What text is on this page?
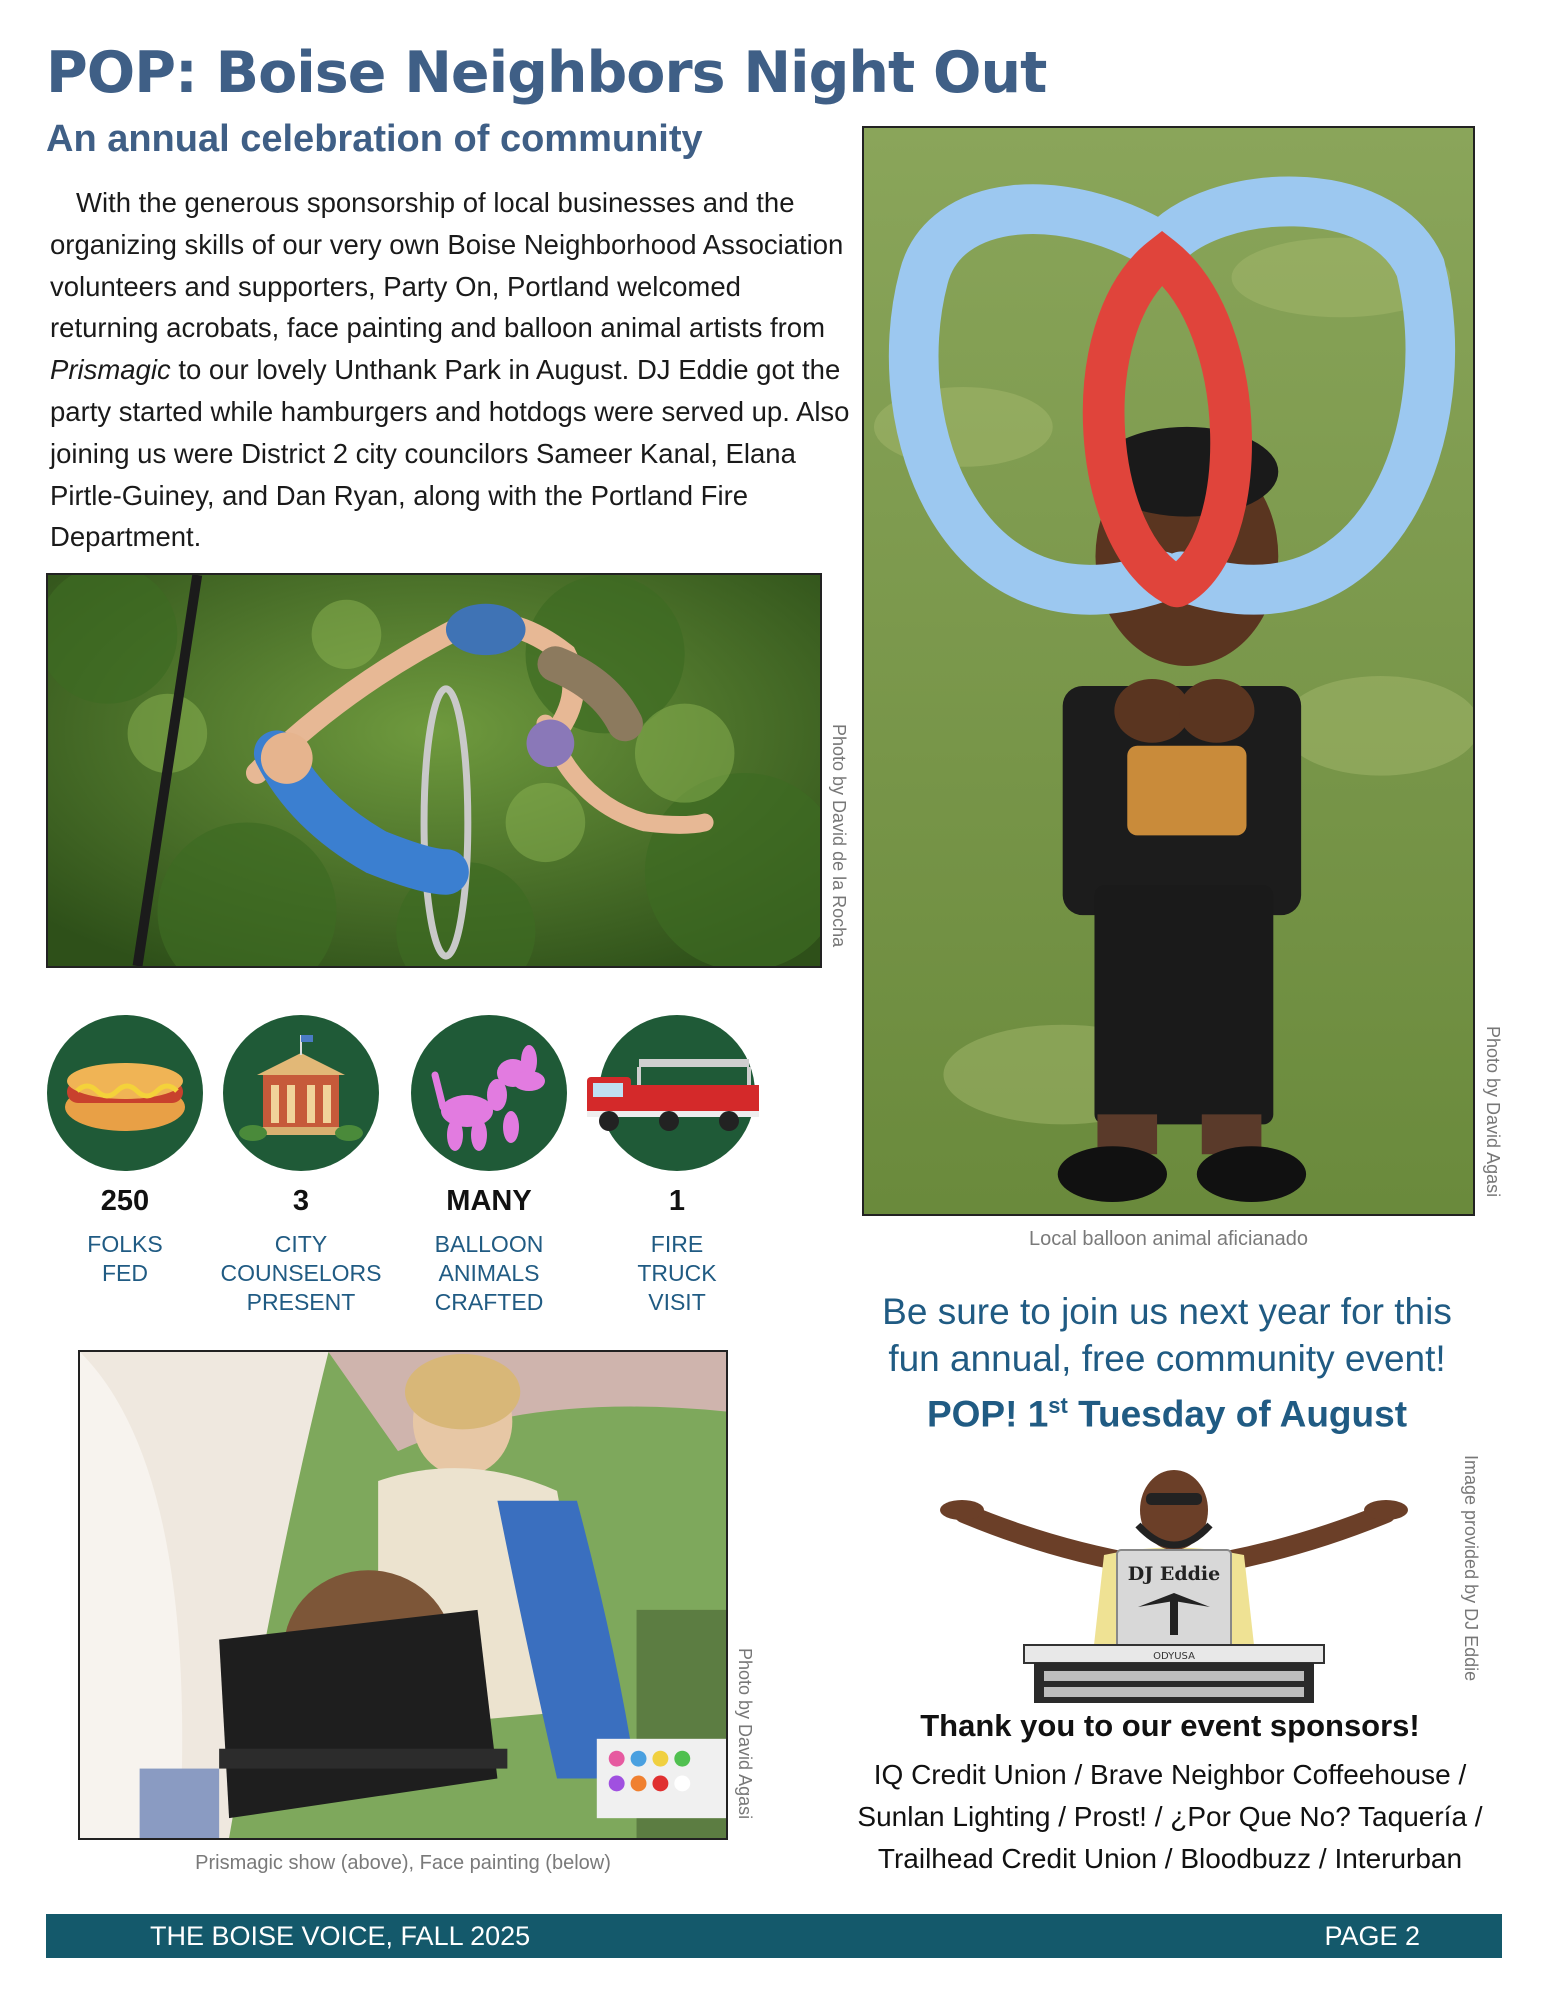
POP: Boise Neighbors Night Out
An annual celebration of community

With the generous sponsorship of local businesses and the organizing skills of our very own Boise Neighborhood Association volunteers and supporters, Party On, Portland welcomed returning acrobats, face painting and balloon animal artists from Prismagic to our lovely Unthank Park in August. DJ Eddie got the party started while hamburgers and hotdogs were served up. Also joining us were District 2 city councilors Sameer Kanal, Elana Pirtle-Guiney, and Dan Ryan, along with the Portland Fire Department.

Photo by David de la Rocha
Photo by David Agasi
Local balloon animal aficianado
250
FOLKS
FED
3
CITY
COUNSELORS
PRESENT
MANY
BALLOON
ANIMALS
CRAFTED
1
FIRE
TRUCK
VISIT
Photo by David Agasi
Prismagic show (above), Face painting (below)
Be sure to join us next year for this
fun annual, free community event!
POP! 1st Tuesday of August
DJ Eddie
ODYUSA	Image provided by DJ Eddie
Thank you to our event sponsors!
IQ Credit Union / Brave Neighbor Coffeehouse /
Sunlan Lighting / Prost! / ¿Por Que No? Taquería /
Trailhead Credit Union / Bloodbuzz / Interurban
THE BOISE VOICE, FALL 2025	PAGE 2
